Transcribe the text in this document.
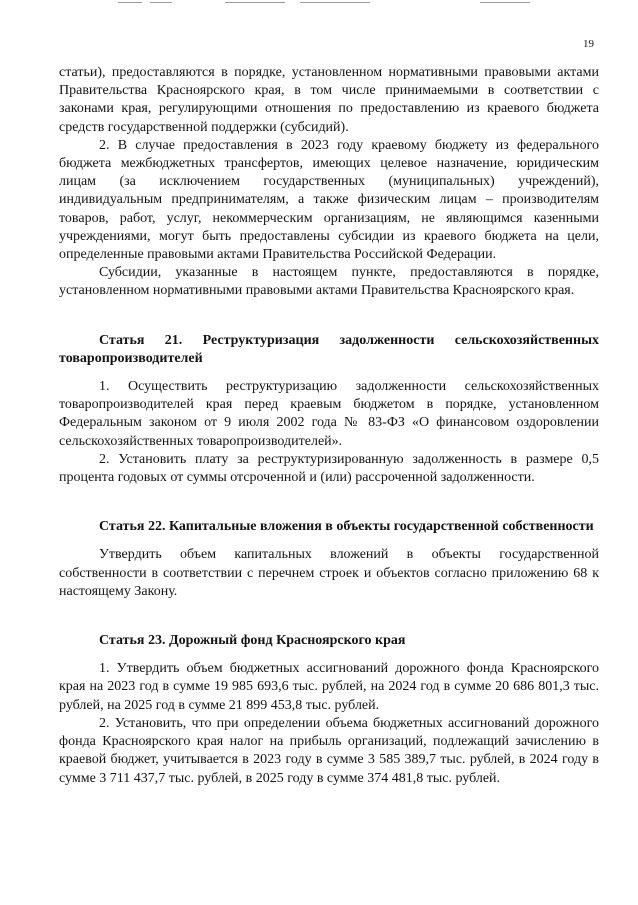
19
статьи), предоставляются в порядке, установленном нормативными правовыми актами Правительства Красноярского края, в том числе принимаемыми в соответствии с законами края, регулирующими отношения по предоставлению из краевого бюджета средств государственной поддержки (субсидий).
2. В случае предоставления в 2023 году краевому бюджету из федерального бюджета межбюджетных трансфертов, имеющих целевое назначение, юридическим лицам (за исключением государственных (муниципальных) учреждений), индивидуальным предпринимателям, а также физическим лицам – производителям товаров, работ, услуг, некоммерческим организациям, не являющимся казенными учреждениями, могут быть предоставлены субсидии из краевого бюджета на цели, определенные правовыми актами Правительства Российской Федерации.
Субсидии, указанные в настоящем пункте, предоставляются в порядке, установленном нормативными правовыми актами Правительства Красноярского края.
Статья 21. Реструктуризация задолженности сельскохозяйственных товаропроизводителей
1. Осуществить реструктуризацию задолженности сельскохозяйственных товаропроизводителей края перед краевым бюджетом в порядке, установленном Федеральным законом от 9 июля 2002 года № 83-ФЗ «О финансовом оздоровлении сельскохозяйственных товаропроизводителей».
2. Установить плату за реструктуризированную задолженность в размере 0,5 процента годовых от суммы отсроченной и (или) рассроченной задолженности.
Статья 22. Капитальные вложения в объекты государственной собственности
Утвердить объем капитальных вложений в объекты государственной собственности в соответствии с перечнем строек и объектов согласно приложению 68 к настоящему Закону.
Статья 23. Дорожный фонд Красноярского края
1. Утвердить объем бюджетных ассигнований дорожного фонда Красноярского края на 2023 год в сумме 19 985 693,6 тыс. рублей, на 2024 год в сумме 20 686 801,3 тыс. рублей, на 2025 год в сумме 21 899 453,8 тыс. рублей.
2. Установить, что при определении объема бюджетных ассигнований дорожного фонда Красноярского края налог на прибыль организаций, подлежащий зачислению в краевой бюджет, учитывается в 2023 году в сумме 3 585 389,7 тыс. рублей, в 2024 году в сумме 3 711 437,7 тыс. рублей, в 2025 году в сумме 374 481,8 тыс. рублей.
